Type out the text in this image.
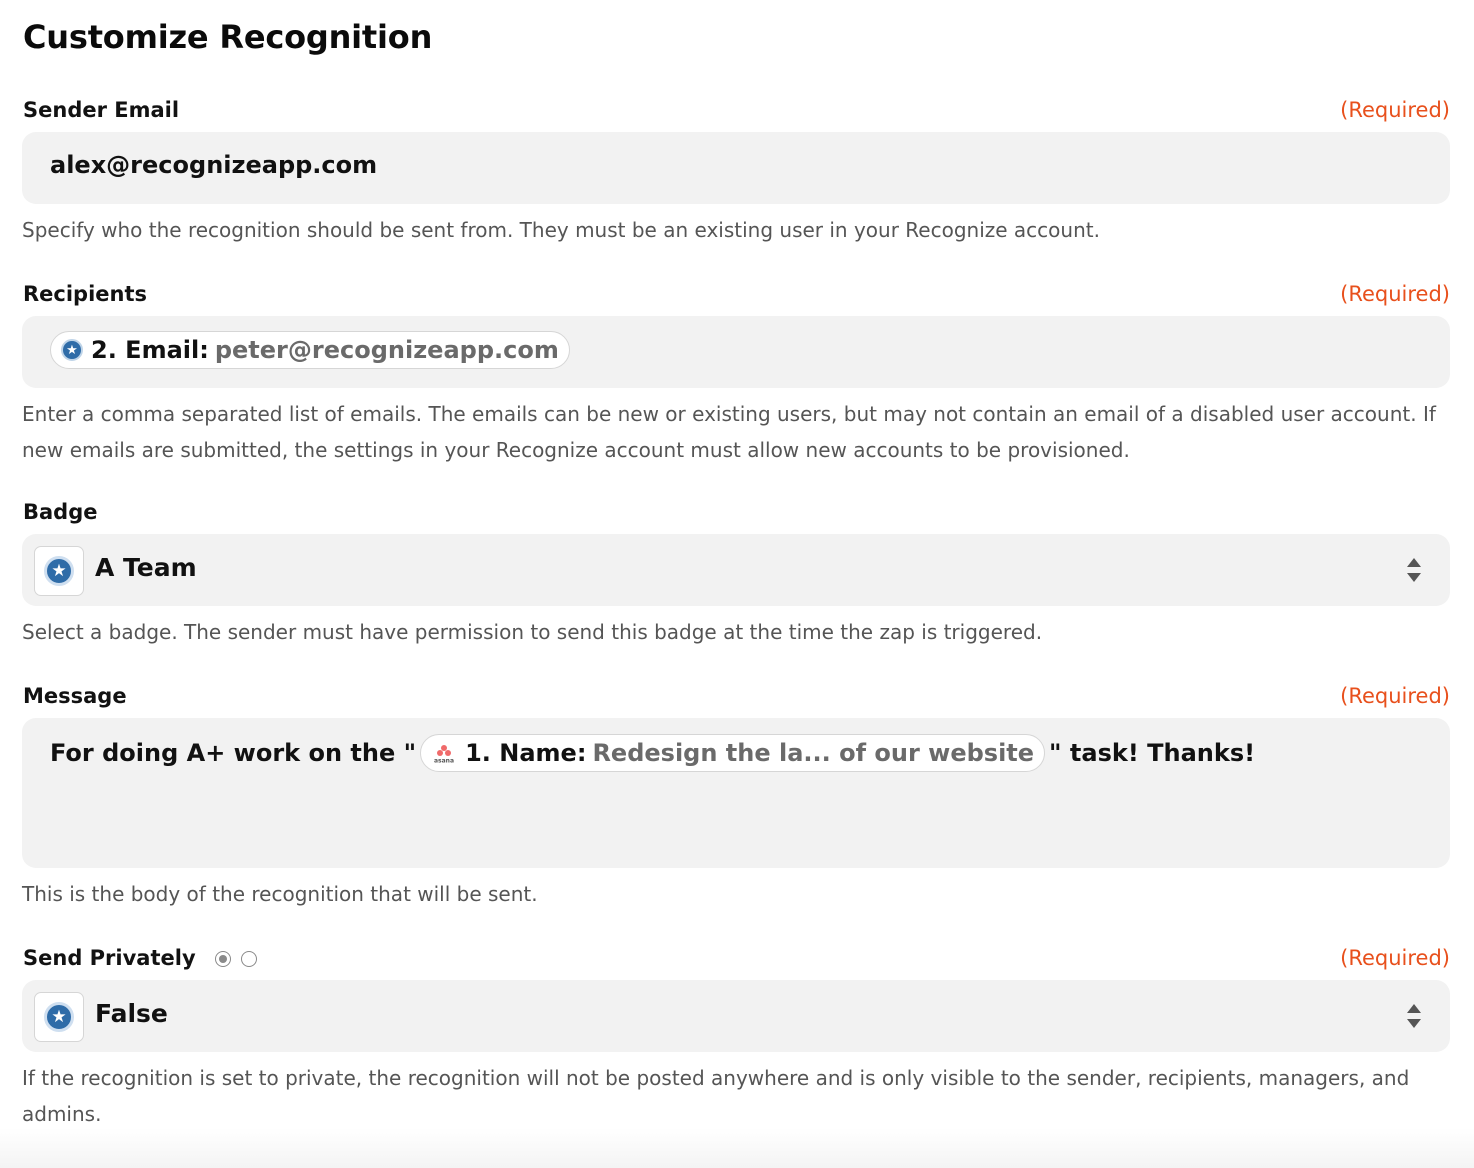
Customize Recognition
Sender Email	(Required)
alex@recognizeapp.com
Specify who the recognition should be sent from. They must be an existing user in your Recognize account.
Recipients	(Required)
★ 2. Email: peter@recognizeapp.com
Enter a comma separated list of emails. The emails can be new or existing users, but may not contain an email of a disabled user account. If new emails are submitted, the settings in your Recognize account must allow new accounts to be provisioned.
Badge
★ A Team
Select a badge. The sender must have permission to send this badge at the time the zap is triggered.
Message	(Required)
For doing A+ work on the "	asana 1. Name: Redesign the la... of our website " task! Thanks!
This is the body of the recognition that will be sent.
Send Privately	(Required)
★ False
If the recognition is set to private, the recognition will not be posted anywhere and is only visible to the sender, recipients, managers, and admins.
